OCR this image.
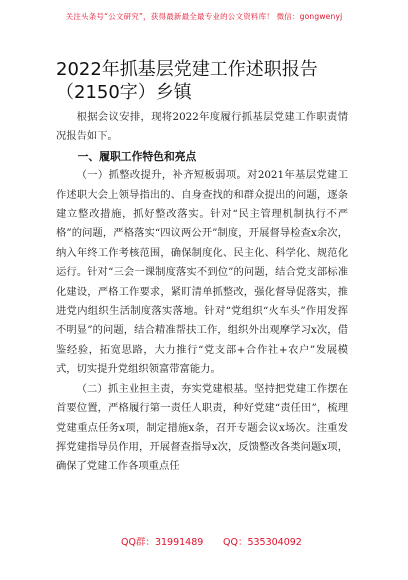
关注头条号“公文研究”，获得最新最全最专业的公文资料库！ 微信：gongwenyj
2022年抓基层党建工作述职报告（2150字）乡镇

根据会议安排，现将2022年度履行抓基层党建工作职责情况报告如下。

一、履职工作特色和亮点

（一）抓整改提升，补齐短板弱项。对2021年基层党建工作述职大会上领导指出的、自身查找的和群众提出的问题，逐条建立整改措施，抓好整改落实。针对“民主管理机制执行不严格”的问题，严格落实“四议两公开”制度，开展督导检查x余次，纳入年终工作考核范围，确保制度化、民主化、科学化、规范化运行。针对“三会一课制度落实不到位”的问题，结合党支部标准化建设，严格工作要求，紧盯清单抓整改，强化督导促落实，推进党内组织生活制度落实落地。针对“党组织“火车头”作用发挥不明显”的问题，结合精准帮扶工作，组织外出观摩学习x次，借鉴经验，拓宽思路，大力推行“党支部+合作社+农户”发展模式，切实提升党组织领富带富能力。

（二）抓主业担主责，夯实党建根基。坚持把党建工作摆在首要位置，严格履行第一责任人职责，种好党建“责任田”，梳理党建重点任务x项，制定措施x条，召开专题会议x场次。注重发挥党建指导员作用，开展督查指导x次，反馈整改各类问题x项，确保了党建工作各项重点任

QQ群：31991489 QQ：535304092
